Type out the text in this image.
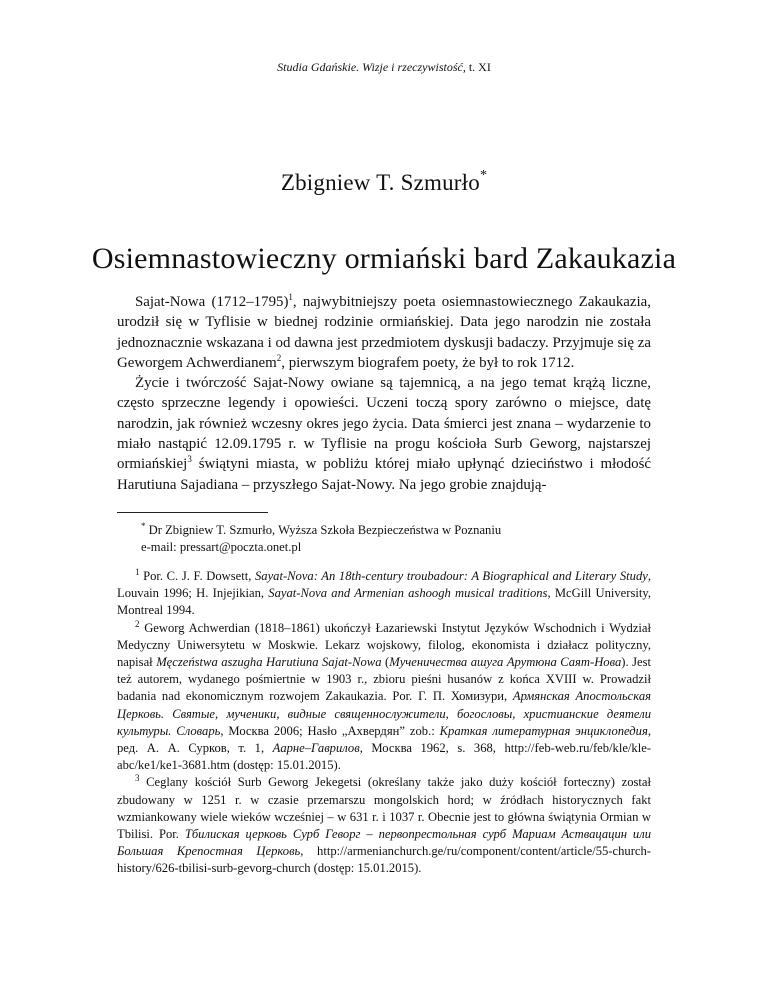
Studia Gdańskie. Wizje i rzeczywistość, t. XI
Zbigniew T. Szmurło*
Osiemnastowieczny ormiański bard Zakaukazia

Sajat-Nowa (1712–1795)$^1$, najwybitniejszy poeta osiemnastowiecznego Zakaukazia, urodził się w Tyflisie w biednej rodzinie ormiańskiej. Data jego narodzin nie została jednoznacznie wskazana i od dawna jest przedmiotem dyskusji badaczy. Przyjmuje się za Geworgem Achwerdianem$^2$, pierwszym biografem poety, że był to rok 1712.

Życie i twórczość Sajat-Nowy owiane są tajemnicą, a na jego temat krążą liczne, często sprzeczne legendy i opowieści. Uczeni toczą spory zarówno o miejsce, datę narodzin, jak również wczesny okres jego życia. Data śmierci jest znana – wydarzenie to miało nastąpić 12.09.1795 r. w Tyflisie na progu kościoła Surb Geworg, najstarszej ormiańskiej$^3$ świątyni miasta, w pobliżu której miało upłynąć dzieciństwo i młodość Harutiuna Sajadiana – przyszłego Sajat-Nowy. Na jego grobie znajdują-

* Dr Zbigniew T. Szmurło, Wyższa Szkoła Bezpieczeństwa w Poznaniu
e-mail: pressart@poczta.onet.pl

$^1$ Por. C. J. F. Dowsett, Sayat-Nova: An 18th-century troubadour: A Biographical and Literary Study, Louvain 1996; H. Injejikian, Sayat-Nova and Armenian ashoogh musical traditions, McGill University, Montreal 1994.

$^2$ Geworg Achwerdian (1818–1861) ukończył Łazariewski Instytut Języków Wschodnich i Wydział Medyczny Uniwersytetu w Moskwie. Lekarz wojskowy, filolog, ekonomista i działacz polityczny, napisał Męczeństwa aszugha Harutiuna Sajat-Nowa (Мученичества ашуга Арутюна Саят-Нова). Jest też autorem, wydanego pośmiertnie w 1903 r., zbioru pieśni husanów z końca XVIII w. Prowadził badania nad ekonomicznym rozwojem Zakaukazia. Por. Г. П. Хомизури, Армянская Апостольская Церковь. Святые, мученики, видные священнослужители, богословы, христианские деятели культуры. Словарь, Москва 2006; Hasło „Ахвердян” zob.: Краткая литературная энциклопедия, ред. А. А. Сурков, т. 1, Aарне–Гаврилов, Москва 1962, s. 368, http://feb-web.ru/feb/kle/kle-abc/ke1/ke1-3681.htm (dostęp: 15.01.2015).

$^3$ Ceglany kościół Surb Geworg Jekegetsi (określany także jako duży kościół forteczny) został zbudowany w 1251 r. w czasie przemarszu mongolskich hord; w źródłach historycznych fakt wzmiankowany wiele wieków wcześniej – w 631 r. i 1037 r. Obecnie jest to główna świątynia Ormian w Tbilisi. Por. Тбилиская церковь Сурб Геворг – первопрестольная сурб Мариам Аствацацин или Большая Крепостная Церковь, http://armenianchurch.ge/ru/component/content/article/55-church-history/626-tbilisi-surb-gevorg-church (dostęp: 15.01.2015).
